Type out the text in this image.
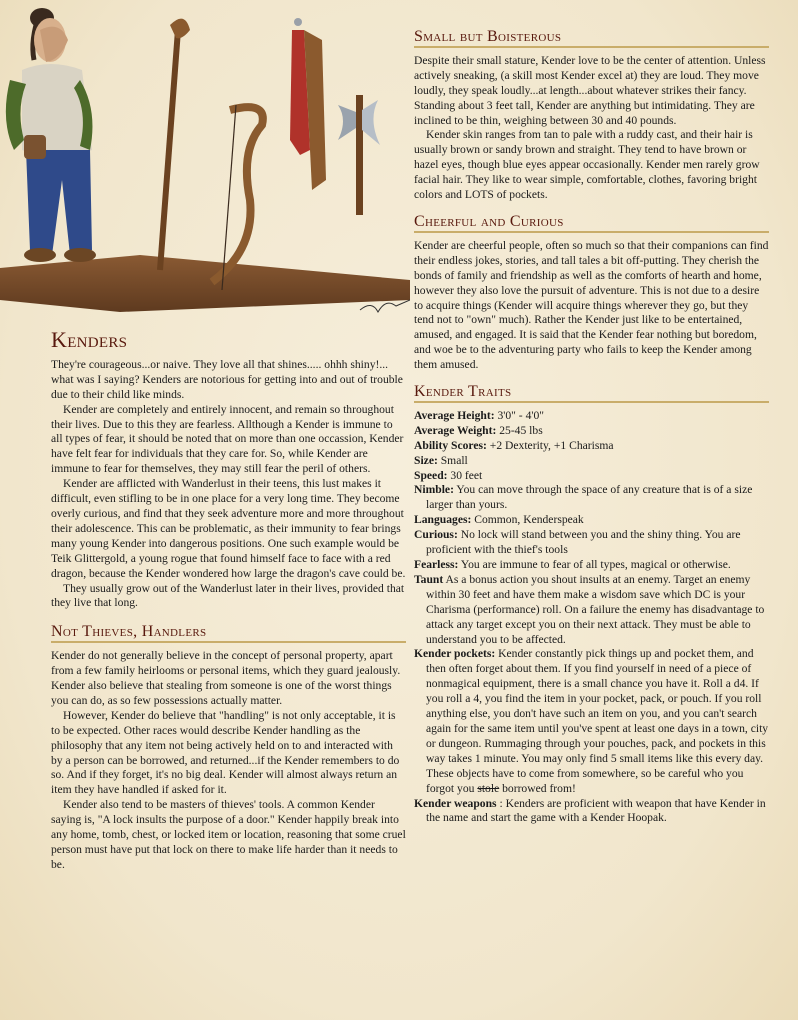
Kenders

They're courageous...or naive. They love all that shines..... ohhh shiny!... what was I saying? Kenders are notorious for getting into and out of trouble due to their child like minds.

Kender are completely and entirely innocent, and remain so throughout their lives. Due to this they are fearless. Allthough a Kender is immune to all types of fear, it should be noted that on more than one occassion, Kender have felt fear for individuals that they care for. So, while Kender are immune to fear for themselves, they may still fear the peril of others.

Kender are afflicted with Wanderlust in their teens, this lust makes it difficult, even stifling to be in one place for a very long time. They become overly curious, and find that they seek adventure more and more throughout their adolescence. This can be problematic, as their immunity to fear brings many young Kender into dangerous positions. One such example would be Teik Glittergold, a young rogue that found himself face to face with a red dragon, because the Kender wondered how large the dragon's cave could be.

They usually grow out of the Wanderlust later in their lives, provided that they live that long.

Not Thieves, Handlers

Kender do not generally believe in the concept of personal property, apart from a few family heirlooms or personal items, which they guard jealously. Kender also believe that stealing from someone is one of the worst things you can do, as so few possessions actually matter.

However, Kender do believe that "handling" is not only acceptable, it is to be expected. Other races would describe Kender handling as the philosophy that any item not being actively held on to and interacted with by a person can be borrowed, and returned...if the Kender remembers to do so. And if they forget, it's no big deal. Kender will almost always return an item they have handled if asked for it.

Kender also tend to be masters of thieves' tools. A common Kender saying is, "A lock insults the purpose of a door." Kender happily break into any home, tomb, chest, or locked item or location, reasoning that some cruel person must have put that lock on there to make life harder than it needs to be.

Small but Boisterous

Despite their small stature, Kender love to be the center of attention. Unless actively sneaking, (a skill most Kender excel at) they are loud. They move loudly, they speak loudly...at length...about whatever strikes their fancy. Standing about 3 feet tall, Kender are anything but intimidating. They are inclined to be thin, weighing between 30 and 40 pounds.

Kender skin ranges from tan to pale with a ruddy cast, and their hair is usually brown or sandy brown and straight. They tend to have brown or hazel eyes, though blue eyes appear occasionally. Kender men rarely grow facial hair. They like to wear simple, comfortable, clothes, favoring bright colors and LOTS of pockets.

Cheerful and Curious

Kender are cheerful people, often so much so that their companions can find their endless jokes, stories, and tall tales a bit off-putting. They cherish the bonds of family and friendship as well as the comforts of hearth and home, however they also love the pursuit of adventure. This is not due to a desire to acquire things (Kender will acquire things wherever they go, but they tend not to "own" much). Rather the Kender just like to be entertained, amused, and engaged. It is said that the Kender fear nothing but boredom, and woe be to the adventuring party who fails to keep the Kender among them amused.

Kender Traits

Average Height: 3'0" - 4'0"

Average Weight: 25-45 lbs

Ability Scores: +2 Dexterity, +1 Charisma

Size: Small

Speed: 30 feet

Nimble: You can move through the space of any creature that is of a size larger than yours.

Languages: Common, Kenderspeak

Curious: No lock will stand between you and the shiny thing. You are proficient with the thief's tools

Fearless: You are immune to fear of all types, magical or otherwise.

Taunt As a bonus action you shout insults at an enemy. Target an enemy within 30 feet and have them make a wisdom save which DC is your Charisma (performance) roll. On a failure the enemy has disadvantage to attack any target except you on their next attack. They must be able to understand you to be affected.

Kender pockets: Kender constantly pick things up and pocket them, and then often forget about them. If you find yourself in need of a piece of nonmagical equipment, there is a small chance you have it. Roll a d4. If you roll a 4, you find the item in your pocket, pack, or pouch. If you roll anything else, you don't have such an item on you, and you can't search again for the same item until you've spent at least one days in a town, city or dungeon. Rummaging through your pouches, pack, and pockets in this way takes 1 minute. You may only find 5 small items like this every day. These objects have to come from somewhere, so be careful who you forgot you stole borrowed from!

Kender weapons : Kenders are proficient with weapon that have Kender in the name and start the game with a Kender Hoopak.
